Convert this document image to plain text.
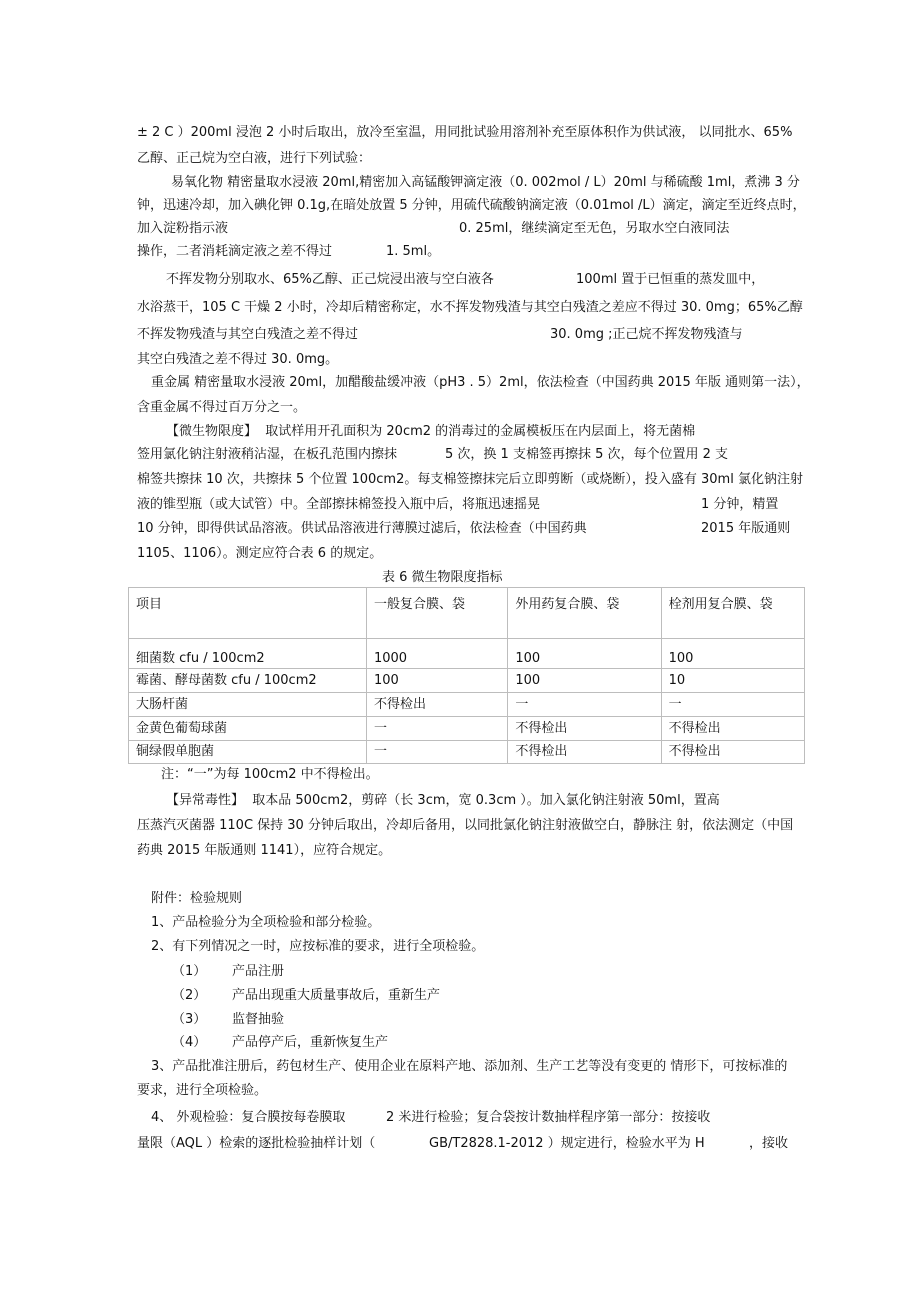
± 2 C ）200ml 浸泡 2 小时后取出，放冷至室温，用同批试验用溶剂补充至原体积作为供试液， 以同批水、65%
乙醇、正己烷为空白液，进行下列试验：
易氧化物 精密量取水浸液 20ml,精密加入高锰酸钾滴定液（0. 002mol / L）20ml 与稀硫酸 1ml，煮沸 3 分
钟，迅速冷却，加入碘化钾 0.1g,在暗处放置 5 分钟，用硫代硫酸钠滴定液（0.01mol /L）滴定，滴定至近终点时，
加入淀粉指示液	0. 25ml，继续滴定至无色，另取水空白液同法
操作，二者消耗滴定液之差不得过	1. 5ml。
不挥发物分别取水、65%乙醇、正己烷浸出液与空白液各	100ml 置于已恒重的蒸发皿中，
水浴蒸干，105 C 干燥 2 小时，冷却后精密称定，水不挥发物残渣与其空白残渣之差应不得过 30. 0mg；65%乙醇
不挥发物残渣与其空白残渣之差不得过	30. 0mg ;正己烷不挥发物残渣与
其空白残渣之差不得过 30. 0mg。
重金属 精密量取水浸液 20ml，加醋酸盐缓冲液（pH3 . 5）2ml，依法检查（中国药典 2015 年版 通则第一法），
含重金属不得过百万分之一。
【微生物限度】  取试样用开孔面积为 20cm2 的消毒过的金属模板压在内层面上，将无菌棉
签用氯化钠注射液稍沾湿，在板孔范围内擦抹	5 次，换 1 支棉签再擦抹 5 次，每个位置用 2 支
棉签共擦抹 10 次，共擦抹 5 个位置 100cm2。每支棉签擦抹完后立即剪断（或烧断），投入盛有 30ml 氯化钠注射
液的锥型瓶（或大试管）中。全部擦抹棉签投入瓶中后，将瓶迅速摇晃	1 分钟，精置
10 分钟，即得供试品溶液。供试品溶液进行薄膜过滤后，依法检查（中国药典	2015 年版通则
1105、1106）。测定应符合表 6 的规定。
表 6 微生物限度指标
项目	一般复合膜、袋	外用药复合膜、袋	栓剂用复合膜、袋
细菌数 cfu / 100cm2	1000	100	100
霉菌、酵母菌数 cfu / 100cm2	100	100	10
大肠杆菌	不得检出	一	一
金黄色葡萄球菌	一	不得检出	不得检出
铜绿假单胞菌	一	不得检出	不得检出
注：“一”为每 100cm2 中不得检出。
【异常毒性】  取本品 500cm2，剪碎（长 3cm，宽 0.3cm ）。加入氯化钠注射液 50ml，置高
压蒸汽灭菌器 110C 保持 30 分钟后取出，冷却后备用，以同批氯化钠注射液做空白，静脉注 射，依法测定（中国
药典 2015 年版通则 1141），应符合规定。
附件：检验规则
1、产品检验分为全项检验和部分检验。
2、有下列情况之一时，应按标准的要求，进行全项检验。
（1） 产品注册
（2） 产品出现重大质量事故后，重新生产
（3） 监督抽验
（4） 产品停产后，重新恢复生产
3、产品批准注册后，药包材生产、使用企业在原料产地、添加剂、生产工艺等没有变更的 情形下，可按标准的
要求，进行全项检验。
4、 外观检验：复合膜按每卷膜取	2 米进行检验；复合袋按计数抽样程序第一部分：按接收
量限（AQL ）检索的逐批检验抽样计划（	GB/T2828.1-2012 ）规定进行，检验水平为 H	，接收
